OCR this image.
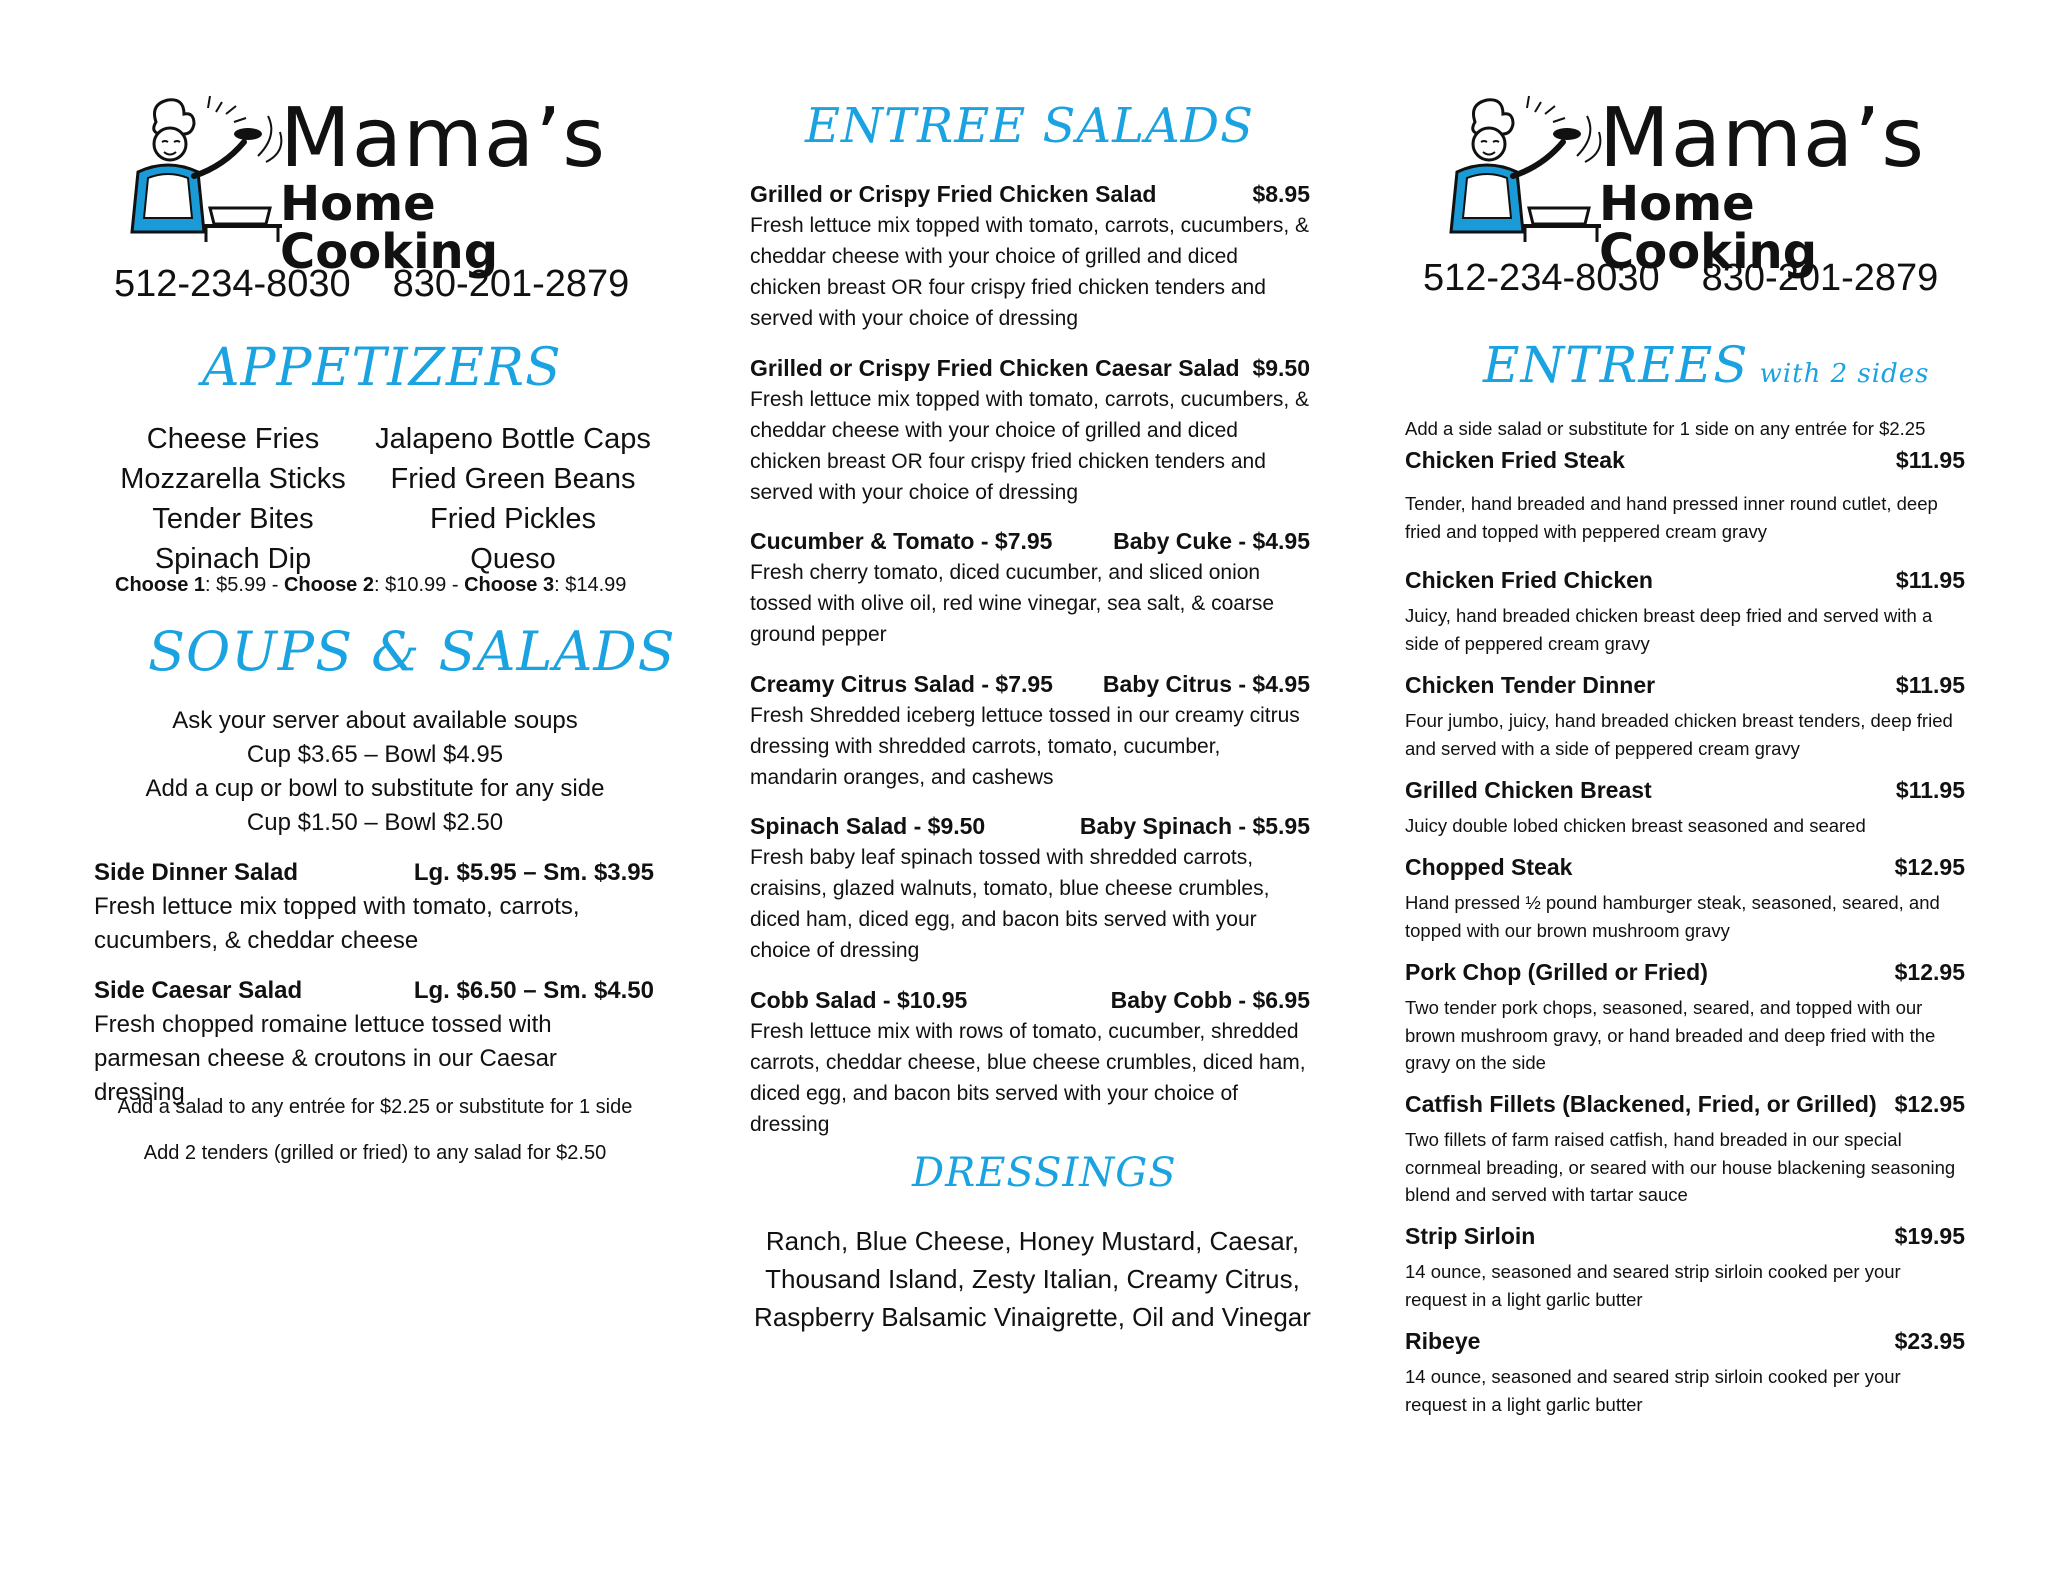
Mama’s
Home Cooking
512-234-8030 830-201-2879
APPETIZERS
Cheese Fries	Jalapeno Bottle Caps
Mozzarella Sticks	Fried Green Beans
Tender Bites	Fried Pickles
Spinach Dip	Queso
Choose 1: $5.99 - Choose 2: $10.99 - Choose 3: $14.99
SOUPS & SALADS
Ask your server about available soups
Cup $3.65 – Bowl $4.95
Add a cup or bowl to substitute for any side
Cup $1.50 – Bowl $2.50
Side Dinner Salad	Lg. $5.95 – Sm. $3.95
Fresh lettuce mix topped with tomato, carrots, cucumbers, & cheddar cheese
Side Caesar Salad	Lg. $6.50 – Sm. $4.50
Fresh chopped romaine lettuce tossed with parmesan cheese & croutons in our Caesar dressing
Add a salad to any entrée for $2.25 or substitute for 1 side
Add 2 tenders (grilled or fried) to any salad for $2.50
ENTREE SALADS
Grilled or Crispy Fried Chicken Salad	$8.95
Fresh lettuce mix topped with tomato, carrots, cucumbers, & cheddar cheese with your choice of grilled and diced chicken breast OR four crispy fried chicken tenders and served with your choice of dressing
Grilled or Crispy Fried Chicken Caesar Salad $9.50
Fresh lettuce mix topped with tomato, carrots, cucumbers, & cheddar cheese with your choice of grilled and diced chicken breast OR four crispy fried chicken tenders and served with your choice of dressing
Cucumber & Tomato - $7.95	Baby Cuke - $4.95
Fresh cherry tomato, diced cucumber, and sliced onion tossed with olive oil, red wine vinegar, sea salt, & coarse ground pepper
Creamy Citrus Salad - $7.95 Baby Citrus - $4.95
Fresh Shredded iceberg lettuce tossed in our creamy citrus dressing with shredded carrots, tomato, cucumber, mandarin oranges, and cashews
Spinach Salad - $9.50	Baby Spinach - $5.95
Fresh baby leaf spinach tossed with shredded carrots, craisins, glazed walnuts, tomato, blue cheese crumbles, diced ham, diced egg, and bacon bits served with your choice of dressing
Cobb Salad - $10.95	Baby Cobb - $6.95
Fresh lettuce mix with rows of tomato, cucumber, shredded carrots, cheddar cheese, blue cheese crumbles, diced ham, diced egg, and bacon bits served with your choice of dressing
DRESSINGS
Ranch, Blue Cheese, Honey Mustard, Caesar,
Thousand Island, Zesty Italian, Creamy Citrus,
Raspberry Balsamic Vinaigrette, Oil and Vinegar
Mama’s
Home Cooking
512-234-8030 830-201-2879
ENTREES with 2 sides
Add a side salad or substitute for 1 side on any entrée for $2.25
Chicken Fried Steak	$11.95
Tender, hand breaded and hand pressed inner round cutlet, deep fried and topped with peppered cream gravy
Chicken Fried Chicken	$11.95
Juicy, hand breaded chicken breast deep fried and served with a side of peppered cream gravy
Chicken Tender Dinner	$11.95
Four jumbo, juicy, hand breaded chicken breast tenders, deep fried and served with a side of peppered cream gravy
Grilled Chicken Breast	$11.95
Juicy double lobed chicken breast seasoned and seared
Chopped Steak	$12.95
Hand pressed ½ pound hamburger steak, seasoned, seared, and topped with our brown mushroom gravy
Pork Chop (Grilled or Fried)	$12.95
Two tender pork chops, seasoned, seared, and topped with our brown mushroom gravy, or hand breaded and deep fried with the gravy on the side
Catfish Fillets (Blackened, Fried, or Grilled) $12.95
Two fillets of farm raised catfish, hand breaded in our special cornmeal breading, or seared with our house blackening seasoning blend and served with tartar sauce
Strip Sirloin	$19.95
14 ounce, seasoned and seared strip sirloin cooked per your request in a light garlic butter
Ribeye	$23.95
14 ounce, seasoned and seared strip sirloin cooked per your request in a light garlic butter
